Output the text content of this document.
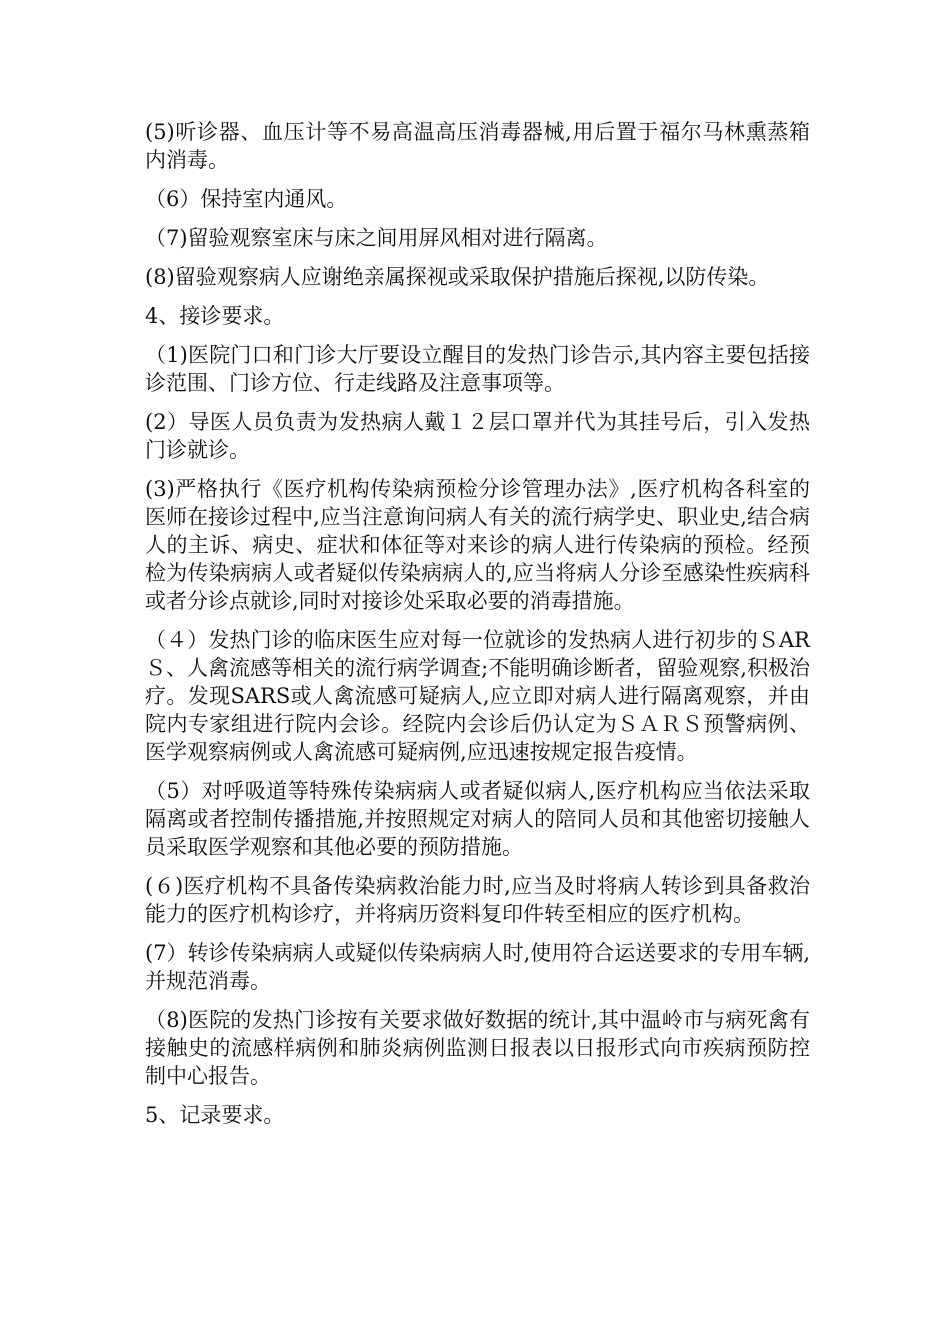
(5)听诊器、血压计等不易高温高压消毒器械,用后置于福尔马林熏蒸箱内消毒。

（6）保持室内通风。

（7)留验观察室床与床之间用屏风相对进行隔离。

(8)留验观察病人应谢绝亲属探视或采取保护措施后探视,以防传染。

4、接诊要求。

（1)医院门口和门诊大厅要设立醒目的发热门诊告示,其内容主要包括接诊范围、门诊方位、行走线路及注意事项等。

(2）导医人员负责为发热病人戴１２层口罩并代为其挂号后，引入发热门诊就诊。

(3)严格执行《医疗机构传染病预检分诊管理办法》,医疗机构各科室的医师在接诊过程中,应当注意询问病人有关的流行病学史、职业史,结合病人的主诉、病史、症状和体征等对来诊的病人进行传染病的预检。经预检为传染病病人或者疑似传染病病人的,应当将病人分诊至感染性疾病科或者分诊点就诊,同时对接诊处采取必要的消毒措施。

（４）发热门诊的临床医生应对每一位就诊的发热病人进行初步的ＳARＳ、人禽流感等相关的流行病学调查;不能明确诊断者，留验观察,积极治疗。发现SARS或人禽流感可疑病人,应立即对病人进行隔离观察，并由院内专家组进行院内会诊。经院内会诊后仍认定为ＳＡＲＳ预警病例、医学观察病例或人禽流感可疑病例,应迅速按规定报告疫情。

（5）对呼吸道等特殊传染病病人或者疑似病人,医疗机构应当依法采取隔离或者控制传播措施,并按照规定对病人的陪同人员和其他密切接触人员采取医学观察和其他必要的预防措施。

(６)医疗机构不具备传染病救治能力时,应当及时将病人转诊到具备救治能力的医疗机构诊疗，并将病历资料复印件转至相应的医疗机构。

(7）转诊传染病病人或疑似传染病病人时,使用符合运送要求的专用车辆,并规范消毒。

（8)医院的发热门诊按有关要求做好数据的统计,其中温岭市与病死禽有接触史的流感样病例和肺炎病例监测日报表以日报形式向市疾病预防控制中心报告。

5、记录要求。
